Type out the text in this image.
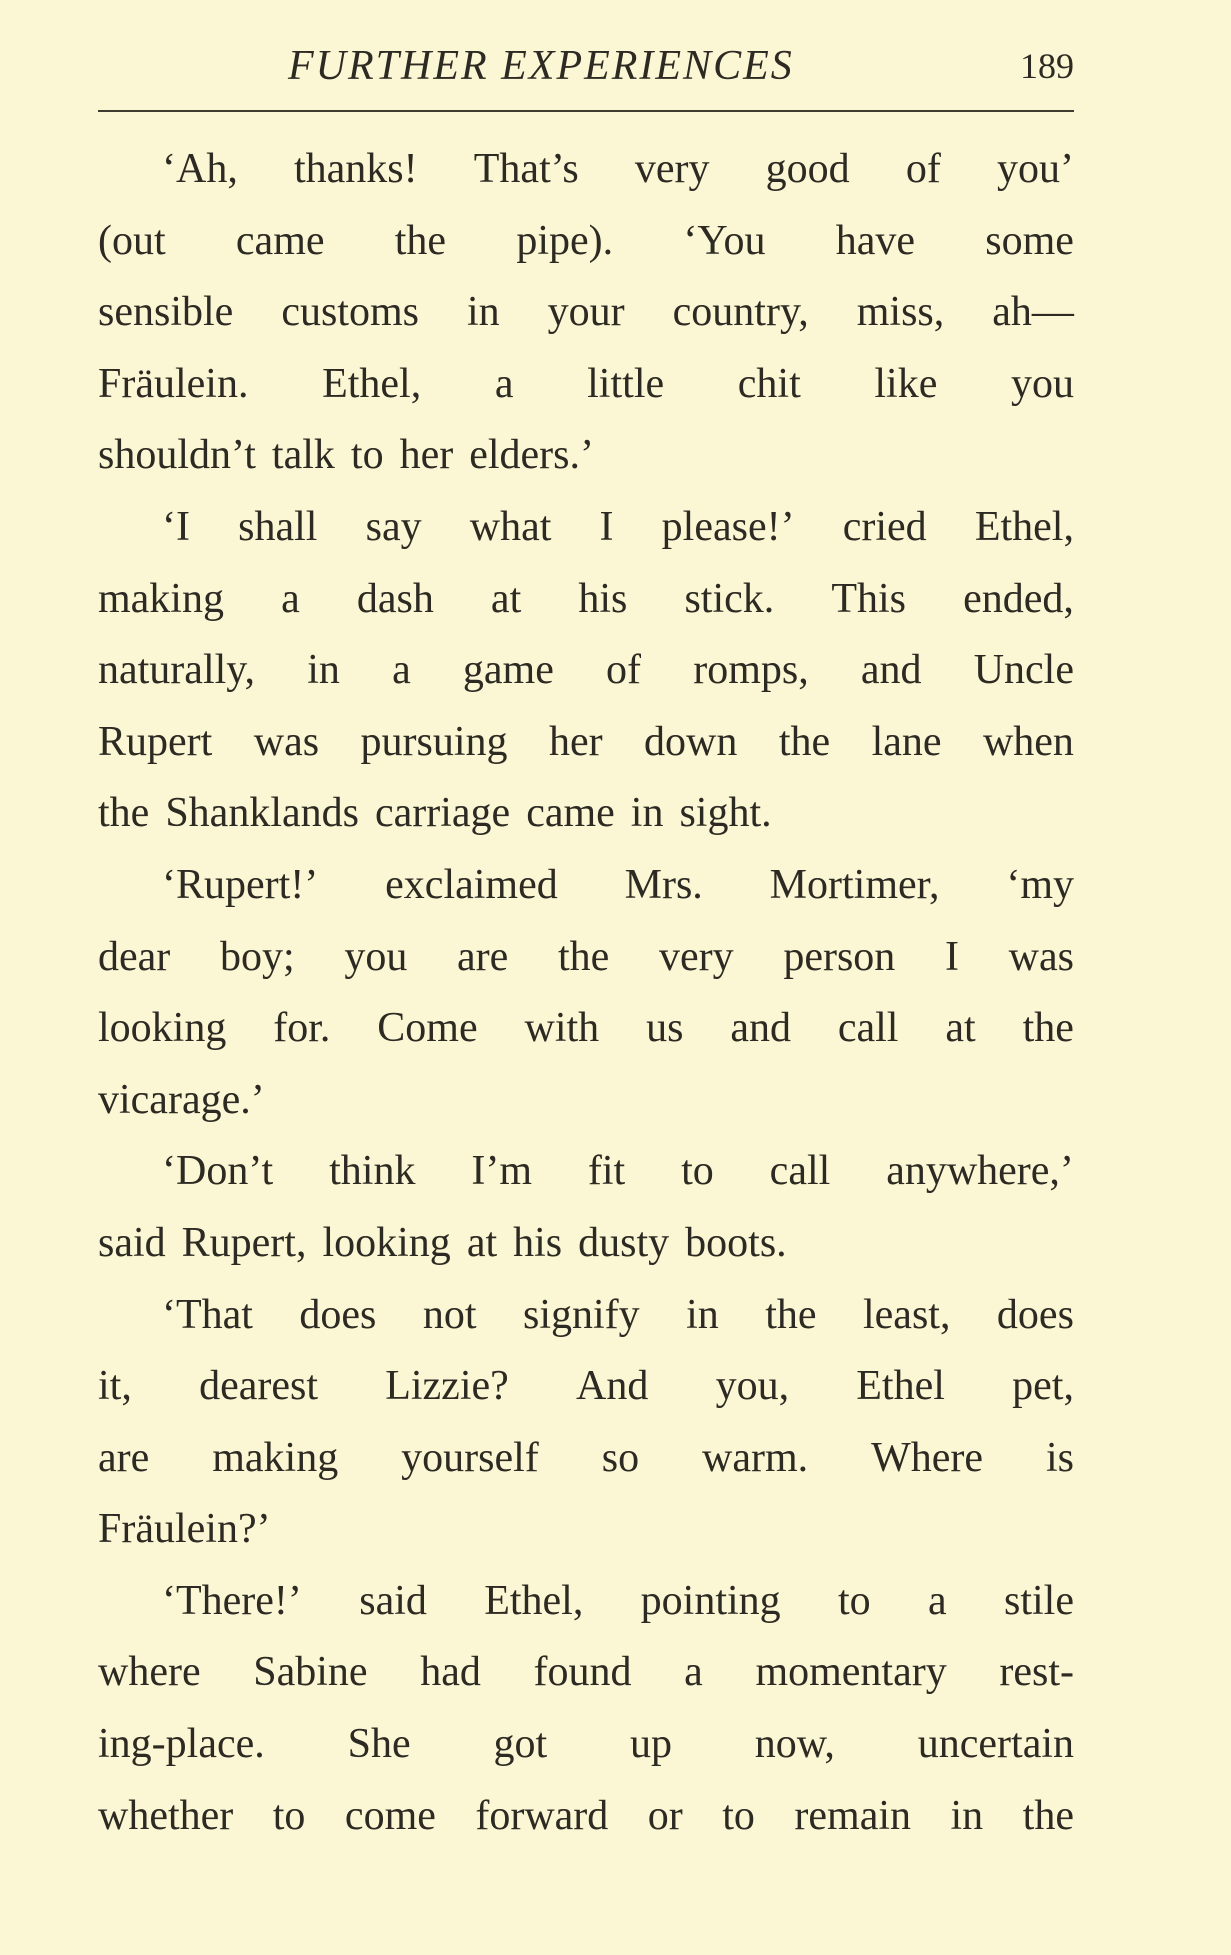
FURTHER EXPERIENCES	189
‘Ah, thanks! That’s very good of you’
(out came the pipe). ‘You have some
sensible customs in your country, miss, ah—
Fräulein. Ethel, a little chit like you
shouldn’t talk to her elders.’
‘I shall say what I please!’ cried Ethel,
making a dash at his stick. This ended,
naturally, in a game of romps, and Uncle
Rupert was pursuing her down the lane when
the Shanklands carriage came in sight.
‘Rupert!’ exclaimed Mrs. Mortimer, ‘my
dear boy; you are the very person I was
looking for. Come with us and call at the
vicarage.’
‘Don’t think I’m fit to call anywhere,’
said Rupert, looking at his dusty boots.
‘That does not signify in the least, does
it, dearest Lizzie? And you, Ethel pet,
are making yourself so warm. Where is
Fräulein?’
‘There!’ said Ethel, pointing to a stile
where Sabine had found a momentary rest-
ing-place. She got up now, uncertain
whether to come forward or to remain in the
